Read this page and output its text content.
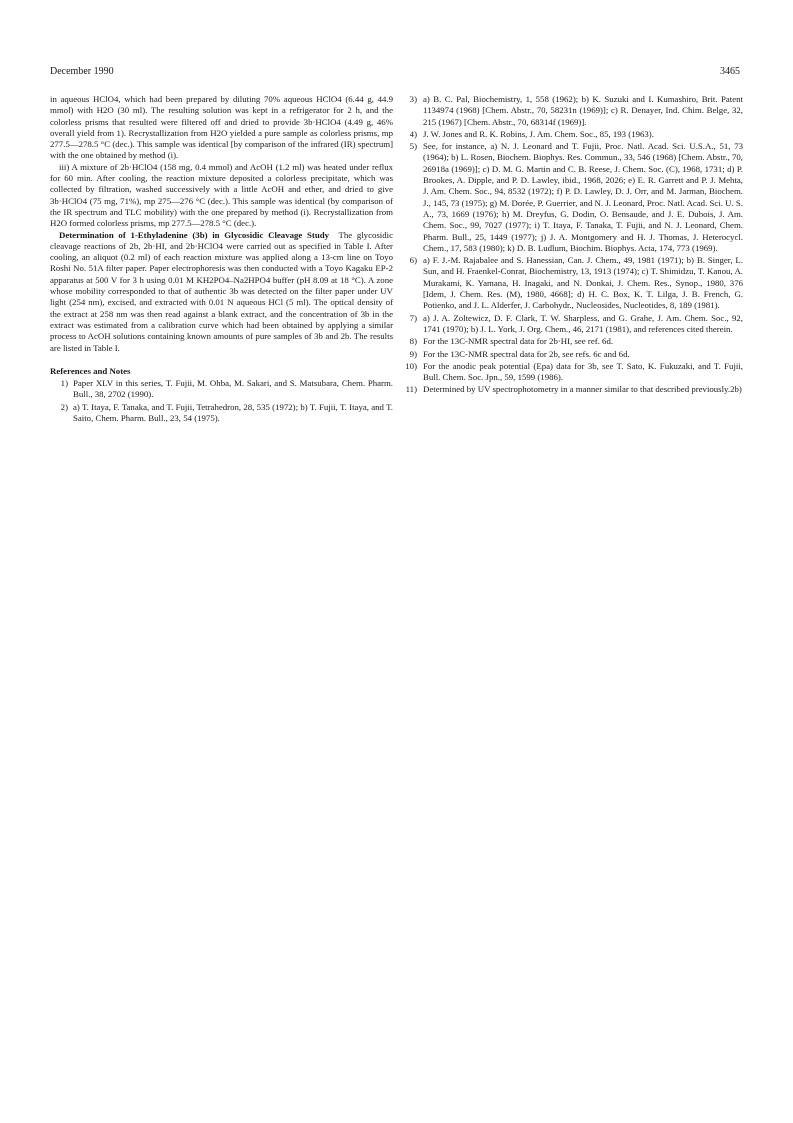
December 1990	3465

in aqueous HClO4, which had been prepared by diluting 70% aqueous HClO4 (6.44 g, 44.9 mmol) with H2O (30 ml). The resulting solution was kept in a refrigerator for 2 h, and the colorless prisms that resulted were filtered off and dried to provide 3b·HClO4 (4.49 g, 46% overall yield from 1). Recrystallization from H2O yielded a pure sample as colorless prisms, mp 277.5—278.5 °C (dec.). This sample was identical [by comparison of the infrared (IR) spectrum] with the one obtained by method (i).

iii) A mixture of 2b·HClO4 (158 mg, 0.4 mmol) and AcOH (1.2 ml) was heated under reflux for 60 min. After cooling, the reaction mixture deposited a colorless precipitate, which was collected by filtration, washed successively with a little AcOH and ether, and dried to give 3b·HClO4 (75 mg, 71%), mp 275—276 °C (dec.). This sample was identical (by comparison of the IR spectrum and TLC mobility) with the one prepared by method (i). Recrystallization from H2O formed colorless prisms, mp 277.5—278.5 °C (dec.).

Determination of 1-Ethyladenine (3b) in Glycosidic Cleavage Study The glycosidic cleavage reactions of 2b, 2b·HI, and 2b·HClO4 were carried out as specified in Table I. After cooling, an aliquot (0.2 ml) of each reaction mixture was applied along a 13-cm line on Toyo Roshi No. 51A filter paper. Paper electrophoresis was then conducted with a Toyo Kagaku EP-2 apparatus at 500 V for 3 h using 0.01 M KH2PO4–Na2HPO4 buffer (pH 8.09 at 18 °C). A zone whose mobility corresponded to that of authentic 3b was detected on the filter paper under UV light (254 nm), excised, and extracted with 0.01 N aqueous HCl (5 ml). The optical density of the extract at 258 nm was then read against a blank extract, and the concentration of 3b in the extract was estimated from a calibration curve which had been obtained by applying a similar process to AcOH solutions containing known amounts of pure samples of 3b and 2b. The results are listed in Table I.

References and Notes

1) Paper XLV in this series, T. Fujii, M. Ohba, M. Sakari, and S. Matsubara, Chem. Pharm. Bull., 38, 2702 (1990).

2) a) T. Itaya, F. Tanaka, and T. Fujii, Tetrahedron, 28, 535 (1972); b) T. Fujii, T. Itaya, and T. Saito, Chem. Pharm. Bull., 23, 54 (1975).

3) a) B. C. Pal, Biochemistry, 1, 558 (1962); b) K. Suzuki and I. Kumashiro, Brit. Patent 1134974 (1968) [Chem. Abstr., 70, 58231n (1969)]; c) R. Denayer, Ind. Chim. Belge, 32, 215 (1967) [Chem. Abstr., 70, 68314f (1969)].

4) J. W. Jones and R. K. Robins, J. Am. Chem. Soc., 85, 193 (1963).

5) See, for instance, a) N. J. Leonard and T. Fujii, Proc. Natl. Acad. Sci. U.S.A., 51, 73 (1964); b) L. Rosen, Biochem. Biophys. Res. Commun., 33, 546 (1968) [Chem. Abstr., 70, 26918a (1969)]; c) D. M. G. Martin and C. B. Reese, J. Chem. Soc. (C), 1968, 1731; d) P. Brookes, A. Dipple, and P. D. Lawley, ibid., 1968, 2026; e) E. R. Garrett and P. J. Mehta, J. Am. Chem. Soc., 94, 8532 (1972); f) P. D. Lawley, D. J. Orr, and M. Jarman, Biochem. J., 145, 73 (1975); g) M. Dorée, P. Guerrier, and N. J. Leonard, Proc. Natl. Acad. Sci. U. S. A., 73, 1669 (1976); h) M. Dreyfus, G. Dodin, O. Bensaude, and J. E. Dubois, J. Am. Chem. Soc., 99, 7027 (1977); i) T. Itaya, F. Tanaka, T. Fujii, and N. J. Leonard, Chem. Pharm. Bull., 25, 1449 (1977); j) J. A. Montgomery and H. J. Thomas, J. Heterocycl. Chem., 17, 583 (1980); k) D. B. Ludlum, Biochim. Biophys. Acta, 174, 773 (1969).

6) a) F. J.-M. Rajabalee and S. Hanessian, Can. J. Chem., 49, 1981 (1971); b) B. Singer, L. Sun, and H. Fraenkel-Conrat, Biochemistry, 13, 1913 (1974); c) T. Shimidzu, T. Kanou, A. Murakami, K. Yamana, H. Inagaki, and N. Donkai, J. Chem. Res., Synop., 1980, 376 [Idem, J. Chem. Res. (M), 1980, 4668]; d) H. C. Box, K. T. Lilga, J. B. French, G. Potienko, and J. L. Alderfer, J. Carbohydr., Nucleosides, Nucleotides, 8, 189 (1981).

7) a) J. A. Zoltewicz, D. F. Clark, T. W. Sharpless, and G. Grahe, J. Am. Chem. Soc., 92, 1741 (1970); b) J. L. York, J. Org. Chem., 46, 2171 (1981), and references cited therein.

8) For the 13C-NMR spectral data for 2b·HI, see ref. 6d.

9) For the 13C-NMR spectral data for 2b, see refs. 6c and 6d.

10) For the anodic peak potential (Epa) data for 3b, see T. Sato, K. Fukuzaki, and T. Fujii, Bull. Chem. Soc. Jpn., 59, 1599 (1986).

11) Determined by UV spectrophotometry in a manner similar to that described previously.2b)
